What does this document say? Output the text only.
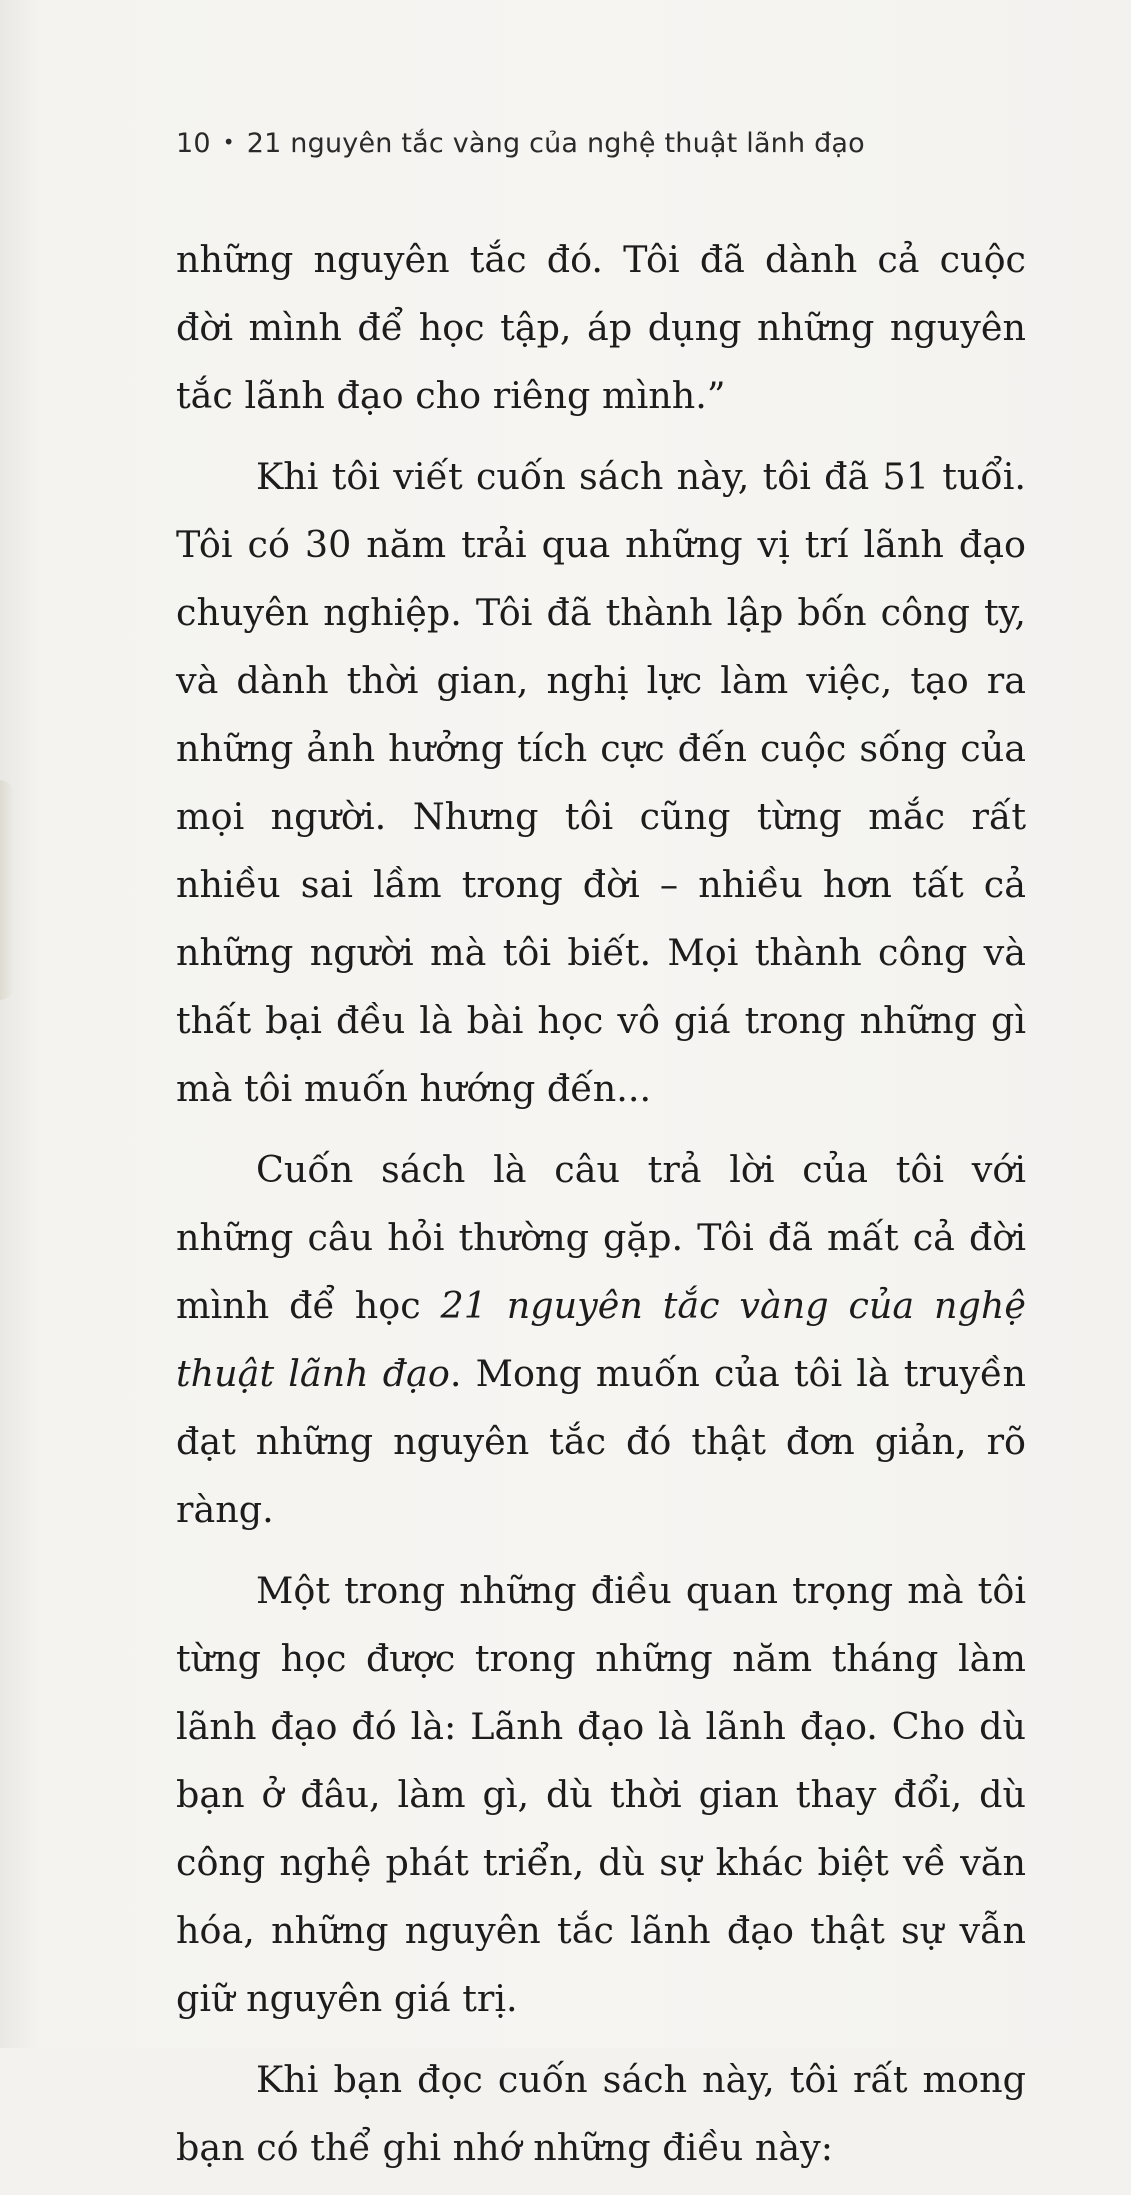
10 • 21 nguyên tắc vàng của nghệ thuật lãnh đạo

những nguyên tắc đó. Tôi đã dành cả cuộc đời mình để học tập, áp dụng những nguyên tắc lãnh đạo cho riêng mình.”

Khi tôi viết cuốn sách này, tôi đã 51 tuổi. Tôi có 30 năm trải qua những vị trí lãnh đạo chuyên nghiệp. Tôi đã thành lập bốn công ty, và dành thời gian, nghị lực làm việc, tạo ra những ảnh hưởng tích cực đến cuộc sống của mọi người. Nhưng tôi cũng từng mắc rất nhiều sai lầm trong đời – nhiều hơn tất cả những người mà tôi biết. Mọi thành công và thất bại đều là bài học vô giá trong những gì mà tôi muốn hướng đến...

Cuốn sách là câu trả lời của tôi với những câu hỏi thường gặp. Tôi đã mất cả đời mình để học 21 nguyên tắc vàng của nghệ thuật lãnh đạo. Mong muốn của tôi là truyền đạt những nguyên tắc đó thật đơn giản, rõ ràng.

Một trong những điều quan trọng mà tôi từng học được trong những năm tháng làm lãnh đạo đó là: Lãnh đạo là lãnh đạo. Cho dù bạn ở đâu, làm gì, dù thời gian thay đổi, dù công nghệ phát triển, dù sự khác biệt về văn hóa, những nguyên tắc lãnh đạo thật sự vẫn giữ nguyên giá trị.

Khi bạn đọc cuốn sách này, tôi rất mong bạn có thể ghi nhớ những điều này:
